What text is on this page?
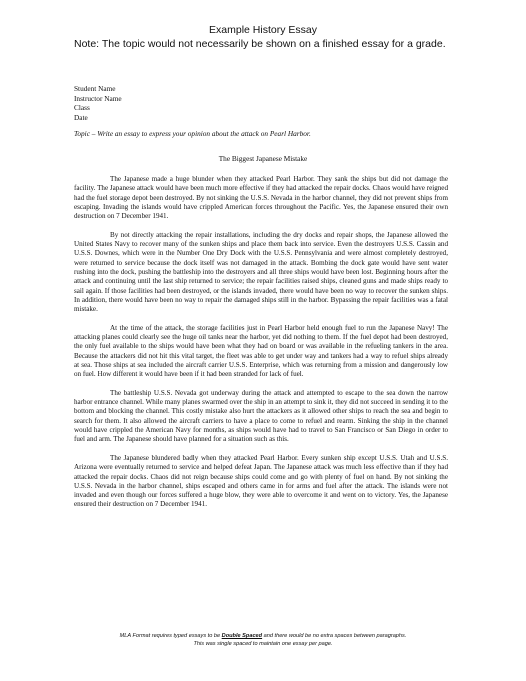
Example History Essay
Note: The topic would not necessarily be shown on a finished essay for a grade.
Student Name
Instructor Name
Class
Date
Topic – Write an essay to express your opinion about the attack on Pearl Harbor.
The Biggest Japanese Mistake

The Japanese made a huge blunder when they attacked Pearl Harbor. They sank the ships but did not damage the facility. The Japanese attack would have been much more effective if they had attacked the repair docks. Chaos would have reigned had the fuel storage depot been destroyed. By not sinking the U.S.S. Nevada in the harbor channel, they did not prevent ships from escaping. Invading the islands would have crippled American forces throughout the Pacific. Yes, the Japanese ensured their own destruction on 7 December 1941.

By not directly attacking the repair installations, including the dry docks and repair shops, the Japanese allowed the United States Navy to recover many of the sunken ships and place them back into service. Even the destroyers U.S.S. Cassin and U.S.S. Downes, which were in the Number One Dry Dock with the U.S.S. Pennsylvania and were almost completely destroyed, were returned to service because the dock itself was not damaged in the attack. Bombing the dock gate would have sent water rushing into the dock, pushing the battleship into the destroyers and all three ships would have been lost. Beginning hours after the attack and continuing until the last ship returned to service; the repair facilities raised ships, cleaned guns and made ships ready to sail again. If those facilities had been destroyed, or the islands invaded, there would have been no way to recover the sunken ships. In addition, there would have been no way to repair the damaged ships still in the harbor. Bypassing the repair facilities was a fatal mistake.

At the time of the attack, the storage facilities just in Pearl Harbor held enough fuel to run the Japanese Navy! The attacking planes could clearly see the huge oil tanks near the harbor, yet did nothing to them. If the fuel depot had been destroyed, the only fuel available to the ships would have been what they had on board or was available in the refueling tankers in the area. Because the attackers did not hit this vital target, the fleet was able to get under way and tankers had a way to refuel ships already at sea. Those ships at sea included the aircraft carrier U.S.S. Enterprise, which was returning from a mission and dangerously low on fuel. How different it would have been if it had been stranded for lack of fuel.

The battleship U.S.S. Nevada got underway during the attack and attempted to escape to the sea down the narrow harbor entrance channel. While many planes swarmed over the ship in an attempt to sink it, they did not succeed in sending it to the bottom and blocking the channel. This costly mistake also hurt the attackers as it allowed other ships to reach the sea and begin to search for them. It also allowed the aircraft carriers to have a place to come to refuel and rearm. Sinking the ship in the channel would have crippled the American Navy for months, as ships would have had to travel to San Francisco or San Diego in order to fuel and arm. The Japanese should have planned for a situation such as this.

The Japanese blundered badly when they attacked Pearl Harbor. Every sunken ship except U.S.S. Utah and U.S.S. Arizona were eventually returned to service and helped defeat Japan. The Japanese attack was much less effective than if they had attacked the repair docks. Chaos did not reign because ships could come and go with plenty of fuel on hand. By not sinking the U.S.S. Nevada in the harbor channel, ships escaped and others came in for arms and fuel after the attack. The islands were not invaded and even though our forces suffered a huge blow, they were able to overcome it and went on to victory. Yes, the Japanese ensured their destruction on 7 December 1941.

MLA Format requires typed essays to be Double Spaced and there would be no extra spaces between paragraphs.
This was single spaced to maintain one essay per page.
